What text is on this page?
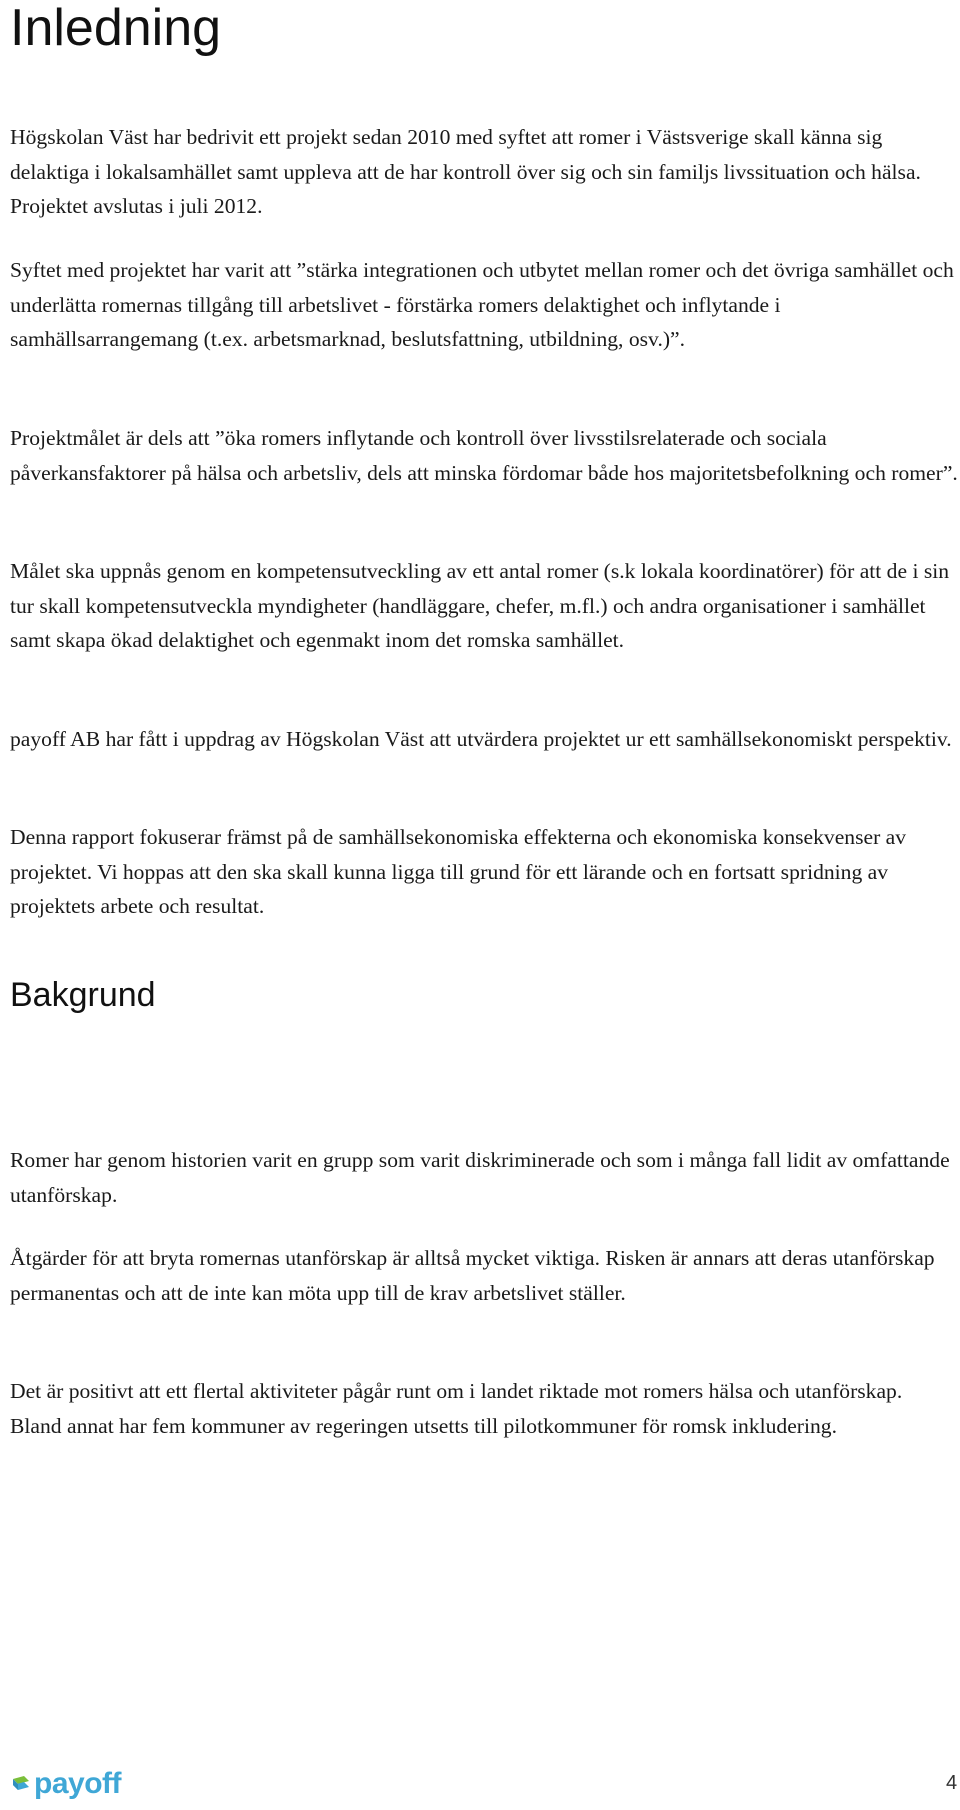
Inledning

Högskolan Väst har bedrivit ett projekt sedan 2010 med syftet att romer i Västsverige skall känna sig delaktiga i lokalsamhället samt uppleva att de har kontroll över sig och sin familjs livssituation och hälsa. Projektet avslutas i juli 2012.

Syftet med projektet har varit att ”stärka integrationen och utbytet mellan romer och det övriga samhället och underlätta romernas tillgång till arbetslivet - förstärka romers delaktighet och inflytande i samhällsarrangemang (t.ex. arbetsmarknad, beslutsfattning, utbildning, osv.)”.

Projektmålet är dels att ”öka romers inflytande och kontroll över livsstilsrelaterade och sociala påverkansfaktorer på hälsa och arbetsliv, dels att minska fördomar både hos majoritetsbefolkning och romer”.

Målet ska uppnås genom en kompetensutveckling av ett antal romer (s.k lokala koordinatörer) för att de i sin tur skall kompetensutveckla myndigheter (handläggare, chefer, m.fl.) och andra organisationer i samhället samt skapa ökad delaktighet och egenmakt inom det romska samhället.

payoff AB har fått i uppdrag av Högskolan Väst att utvärdera projektet ur ett samhällsekonomiskt perspektiv.

Denna rapport fokuserar främst på de samhällsekonomiska effekterna och ekonomiska konsekvenser av projektet. Vi hoppas att den ska skall kunna ligga till grund för ett lärande och en fortsatt spridning av projektets arbete och resultat.

Bakgrund

Romer har genom historien varit en grupp som varit diskriminerade och som i många fall lidit av omfattande utanförskap.

Åtgärder för att bryta romernas utanförskap är alltså mycket viktiga. Risken är annars att deras utanförskap permanentas och att de inte kan möta upp till de krav arbetslivet ställer.

Det är positivt att ett flertal aktiviteter pågår runt om i landet riktade mot romers hälsa och utanförskap. Bland annat har fem kommuner av regeringen utsetts till pilotkommuner för romsk inkludering.

payoff	4
